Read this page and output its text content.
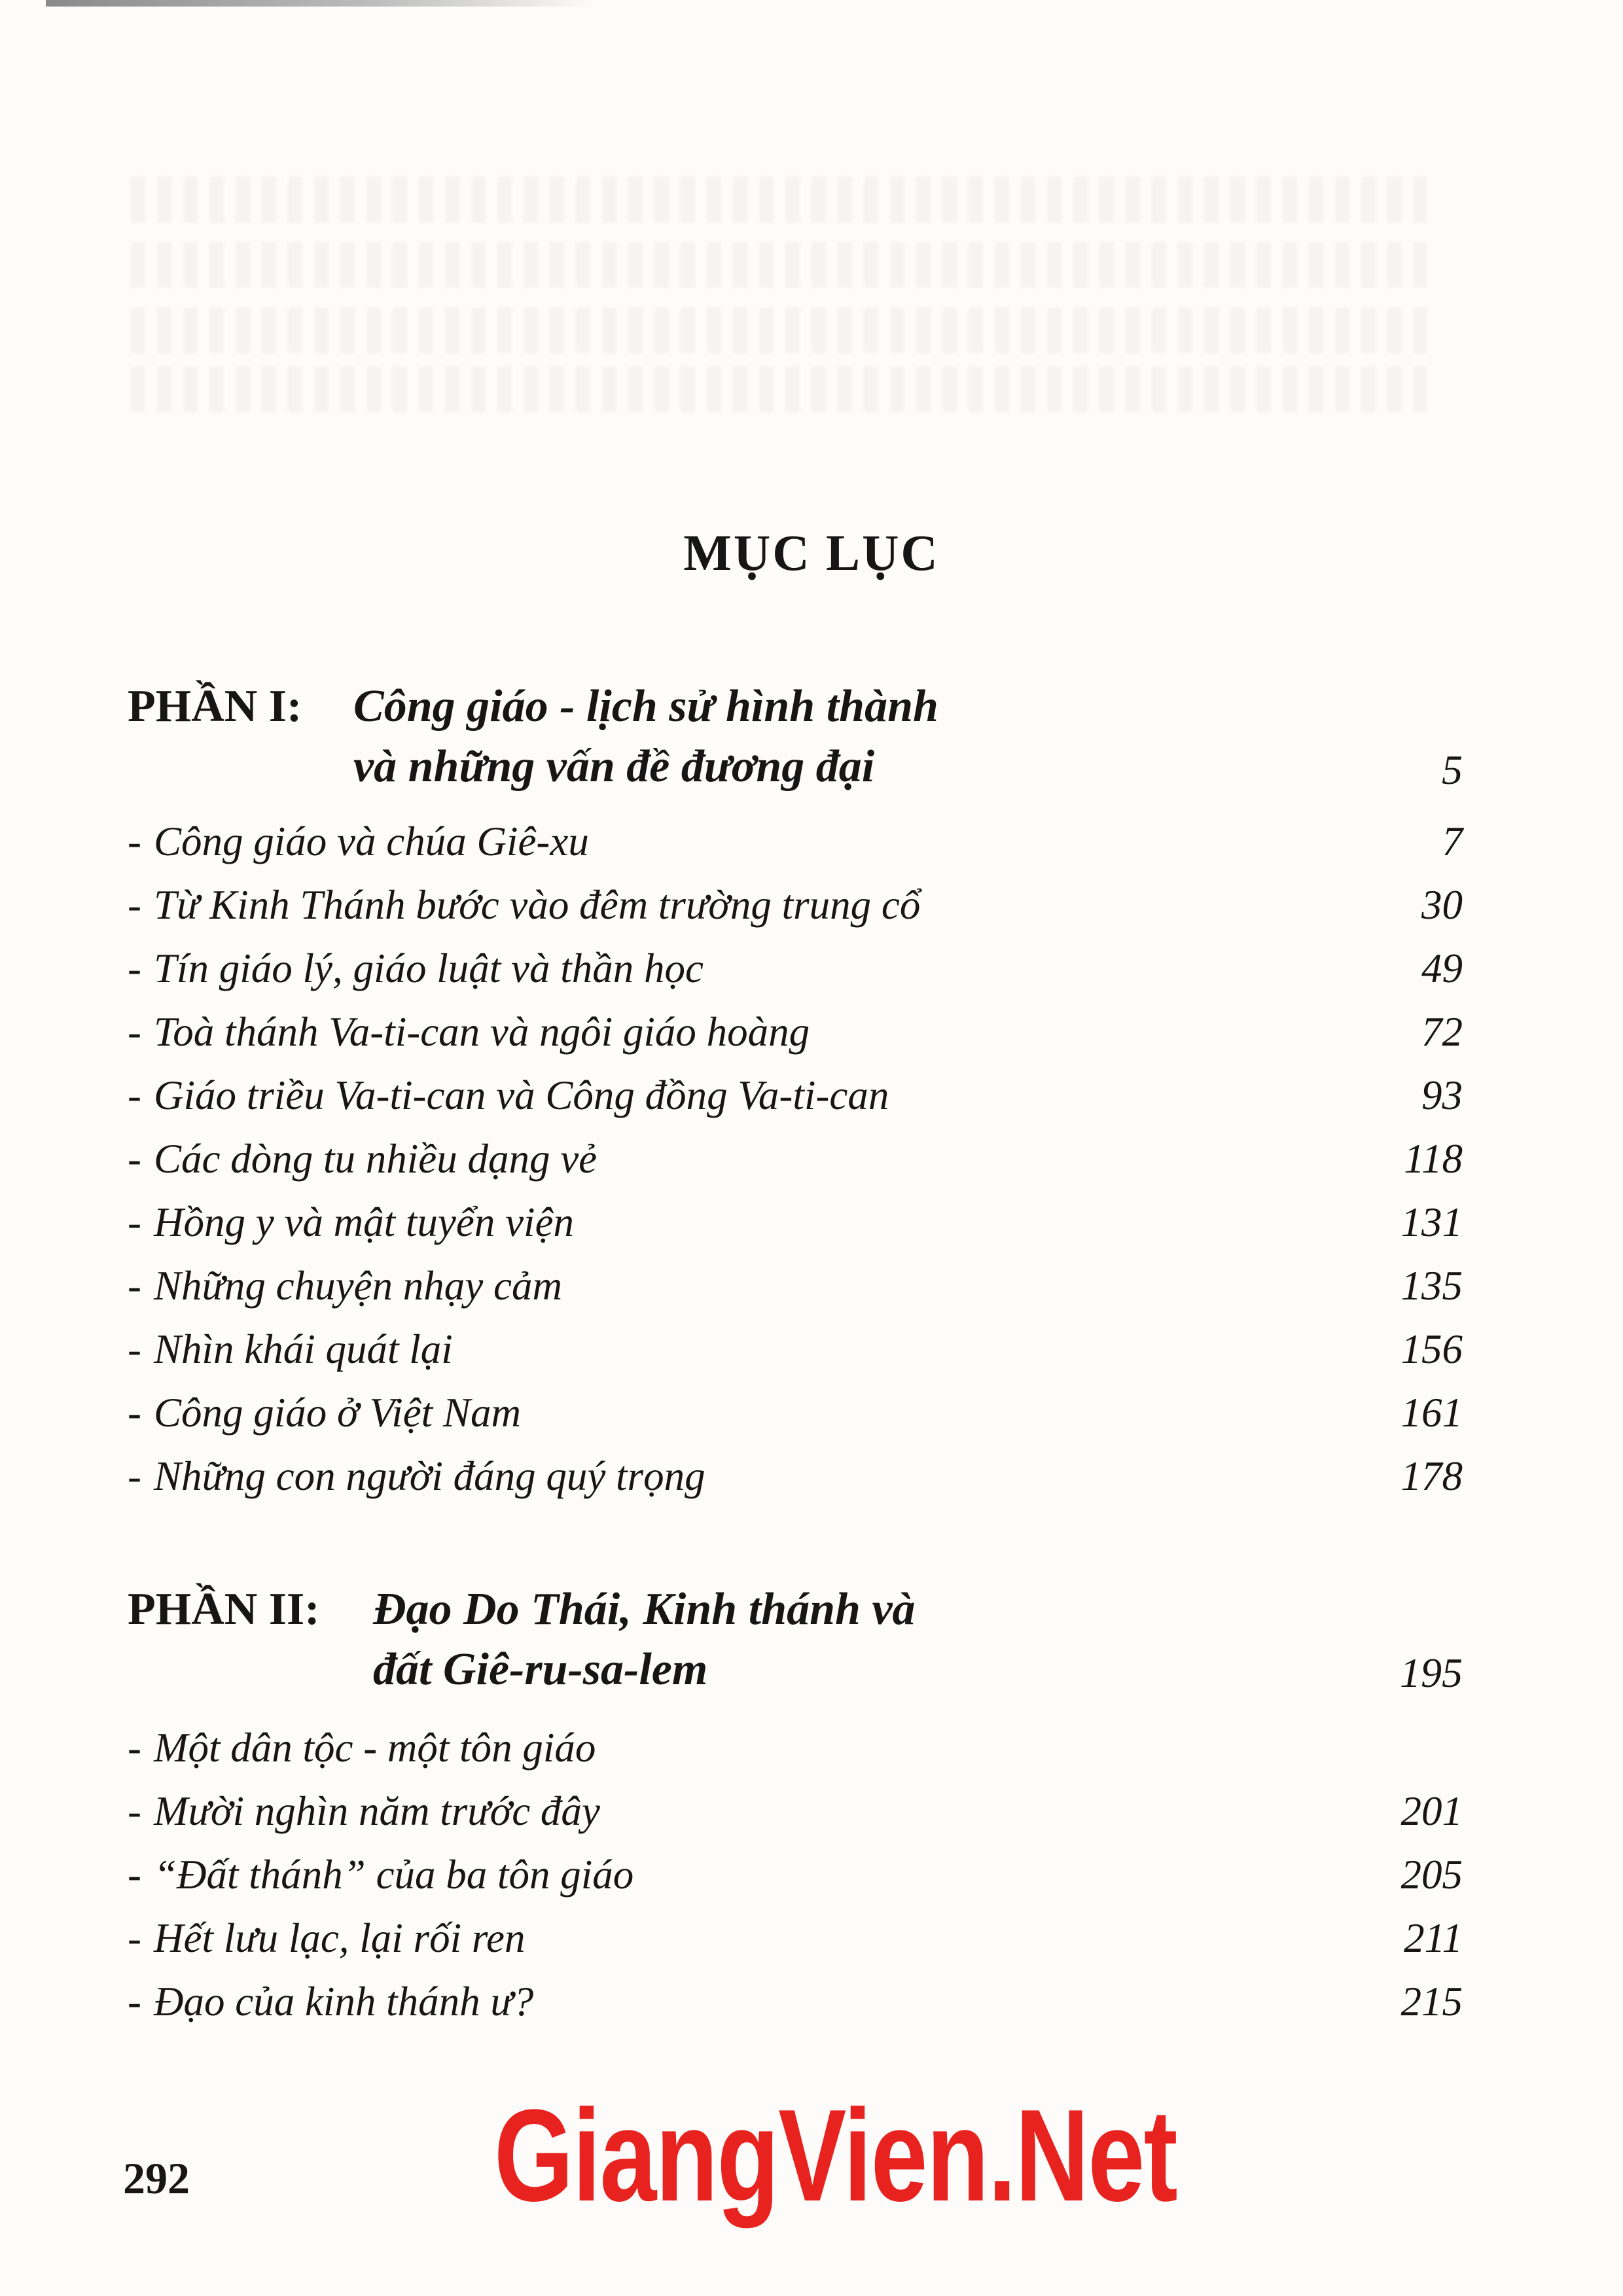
MỤC LỤC
PHẦN I: Công giáo - lịch sử hình thành
và những vấn đề đương đại	5
- Công giáo và chúa Giê-xu	7
- Từ Kinh Thánh bước vào đêm trường trung cổ	30
- Tín giáo lý, giáo luật và thần học	49
- Toà thánh Va-ti-can và ngôi giáo hoàng	72
- Giáo triều Va-ti-can và Công đồng Va-ti-can	93
- Các dòng tu nhiều dạng vẻ	118
- Hồng y và mật tuyển viện	131
- Những chuyện nhạy cảm	135
- Nhìn khái quát lại	156
- Công giáo ở Việt Nam	161
- Những con người đáng quý trọng	178
PHẦN II: Đạo Do Thái, Kinh thánh và
đất Giê-ru-sa-lem	195
- Một dân tộc - một tôn giáo
- Mười nghìn năm trước đây	201
- “Đất thánh” của ba tôn giáo	205
- Hết lưu lạc, lại rối ren	211
- Đạo của kinh thánh ư?	215
292 GiangVien.Net
